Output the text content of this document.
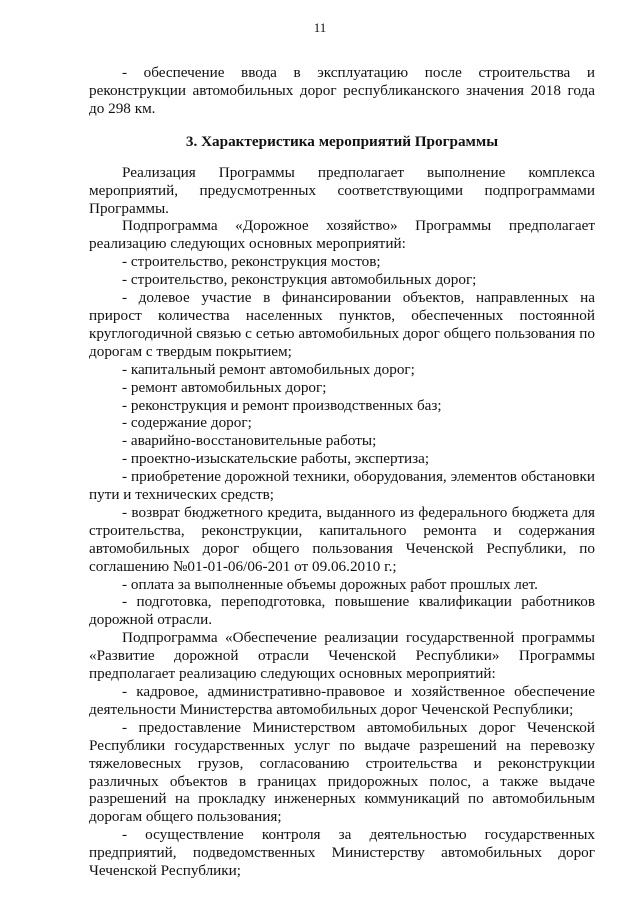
11

- обеспечение ввода в эксплуатацию после строительства и реконструкции автомобильных дорог республиканского значения 2018 года до 298 км.

3. Характеристика мероприятий Программы

Реализация Программы предполагает выполнение комплекса мероприятий, предусмотренных соответствующими подпрограммами Программы.

Подпрограмма «Дорожное хозяйство» Программы предполагает реализацию следующих основных мероприятий:

- строительство, реконструкция мостов;

- строительство, реконструкция автомобильных дорог;

- долевое участие в финансировании объектов, направленных на прирост количества населенных пунктов, обеспеченных постоянной круглогодичной связью с сетью автомобильных дорог общего пользования по дорогам с твердым покрытием;

- капитальный ремонт автомобильных дорог;

- ремонт автомобильных дорог;

- реконструкция и ремонт производственных баз;

- содержание дорог;

- аварийно-восстановительные работы;

- проектно-изыскательские работы, экспертиза;

- приобретение дорожной техники, оборудования, элементов обстановки пути и технических средств;

- возврат бюджетного кредита, выданного из федерального бюджета для строительства, реконструкции, капитального ремонта и содержания автомобильных дорог общего пользования Чеченской Республики, по соглашению №01-01-06/06-201 от 09.06.2010 г.;

- оплата за выполненные объемы дорожных работ прошлых лет.

- подготовка, переподготовка, повышение квалификации работников дорожной отрасли.

Подпрограмма «Обеспечение реализации государственной программы «Развитие дорожной отрасли Чеченской Республики» Программы предполагает реализацию следующих основных мероприятий:

- кадровое, административно-правовое и хозяйственное обеспечение деятельности Министерства автомобильных дорог Чеченской Республики;

- предоставление Министерством автомобильных дорог Чеченской Республики государственных услуг по выдаче разрешений на перевозку тяжеловесных грузов, согласованию строительства и реконструкции различных объектов в границах придорожных полос, а также выдаче разрешений на прокладку инженерных коммуникаций по автомобильным дорогам общего пользования;

- осуществление контроля за деятельностью государственных предприятий, подведомственных Министерству автомобильных дорог Чеченской Республики;
